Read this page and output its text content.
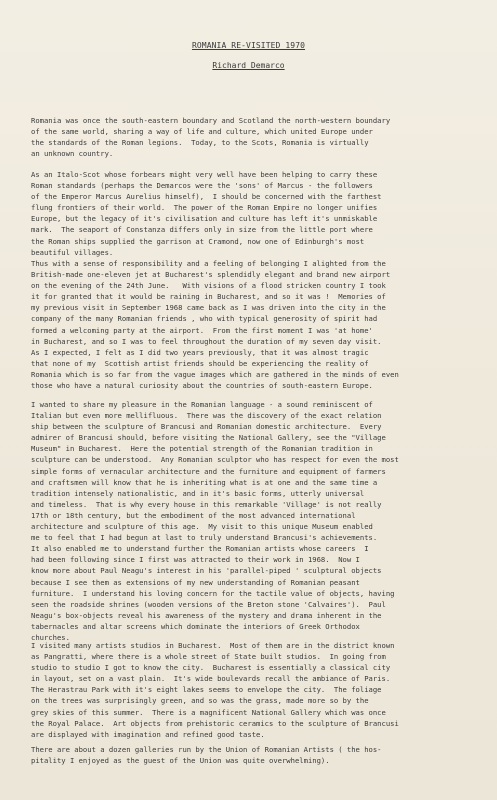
ROMANIA RE-VISITED 1970
Richard Demarco
Romania was once the south-eastern boundary and Scotland the north-western boundary
of the same world, sharing a way of life and culture, which united Europe under
the standards of the Roman legions.  Today, to the Scots, Romania is virtually
an unknown country.
As an Italo-Scot whose forbears might very well have been helping to carry these
Roman standards (perhaps the Demarcos were the 'sons' of Marcus - the followers
of the Emperor Marcus Aurelius himself),  I should be concerned with the farthest
flung frontiers of their world.  The power of the Roman Empire no longer unifies
Europe, but the legacy of it's civilisation and culture has left it's unmiskable
mark.  The seaport of Constanza differs only in size from the little port where
the Roman ships supplied the garrison at Cramond, now one of Edinburgh's most
beautiful villages.
Thus with a sense of responsibility and a feeling of belonging I alighted from the
British-made one-eleven jet at Bucharest's splendidly elegant and brand new airport
on the evening of the 24th June.   With visions of a flood stricken country I took
it for granted that it would be raining in Bucharest, and so it was !  Memories of
my previous visit in September 1968 came back as I was driven into the city in the
company of the many Romanian friends , who with typical generosity of spirit had
formed a welcoming party at the airport.  From the first moment I was 'at home'
in Bucharest, and so I was to feel throughout the duration of my seven day visit.
As I expected, I felt as I did two years previously, that it was almost tragic
that none of my  Scottish artist friends should be experiencing the reality of
Romania which is so far from the vague images which are gathered in the minds of even
those who have a natural curiosity about the countries of south-eastern Europe.
I wanted to share my pleasure in the Romanian language - a sound reminiscent of
Italian but even more mellifluous.  There was the discovery of the exact relation
ship between the sculpture of Brancusi and Romanian domestic architecture.  Every
admirer of Brancusi should, before visiting the National Gallery, see the "Village
Museum" in Bucharest.  Here the potential strength of the Romanian tradition in
sculpture can be understood.  Any Romanian sculptor who has respect for even the most
simple forms of vernacular architecture and the furniture and equipment of farmers
and craftsmen will know that he is inheriting what is at one and the same time a
tradition intensely nationalistic, and in it's basic forms, utterly universal
and timeless.  That is why every house in this remarkable 'Village' is not really
17th or 18th century, but the embodiment of the most advanced international
architecture and sculpture of this age.  My visit to this unique Museum enabled
me to feel that I had begun at last to truly understand Brancusi's achievements.
It also enabled me to understand further the Romanian artists whose careers  I
had been following since I first was attracted to their work in 1968.  Now I
know more about Paul Neagu's interest in his 'parallel-piped ' sculptural objects
because I see them as extensions of my new understanding of Romanian peasant
furniture.  I understand his loving concern for the tactile value of objects, having
seen the roadside shrines (wooden versions of the Breton stone 'Calvaires').  Paul
Neagu's box-objects reveal his awareness of the mystery and drama inherent in the
tabernacles and altar screens which dominate the interiors of Greek Orthodox
churches.
I visited many artists studios in Bucharest.  Most of them are in the district known
as Pangratti, where there is a whole street of State built studios.  In going from
studio to studio I got to know the city.  Bucharest is essentially a classical city
in layout, set on a vast plain.  It's wide boulevards recall the ambiance of Paris.
The Herastrau Park with it's eight lakes seems to envelope the city.  The foliage
on the trees was surprisingly green, and so was the grass, made more so by the
grey skies of this summer.  There is a magnificent National Gallery which was once
the Royal Palace.  Art objects from prehistoric ceramics to the sculpture of Brancusi
are displayed with imagination and refined good taste.
There are about a dozen galleries run by the Union of Romanian Artists ( the hos-
pitality I enjoyed as the guest of the Union was quite overwhelming).
